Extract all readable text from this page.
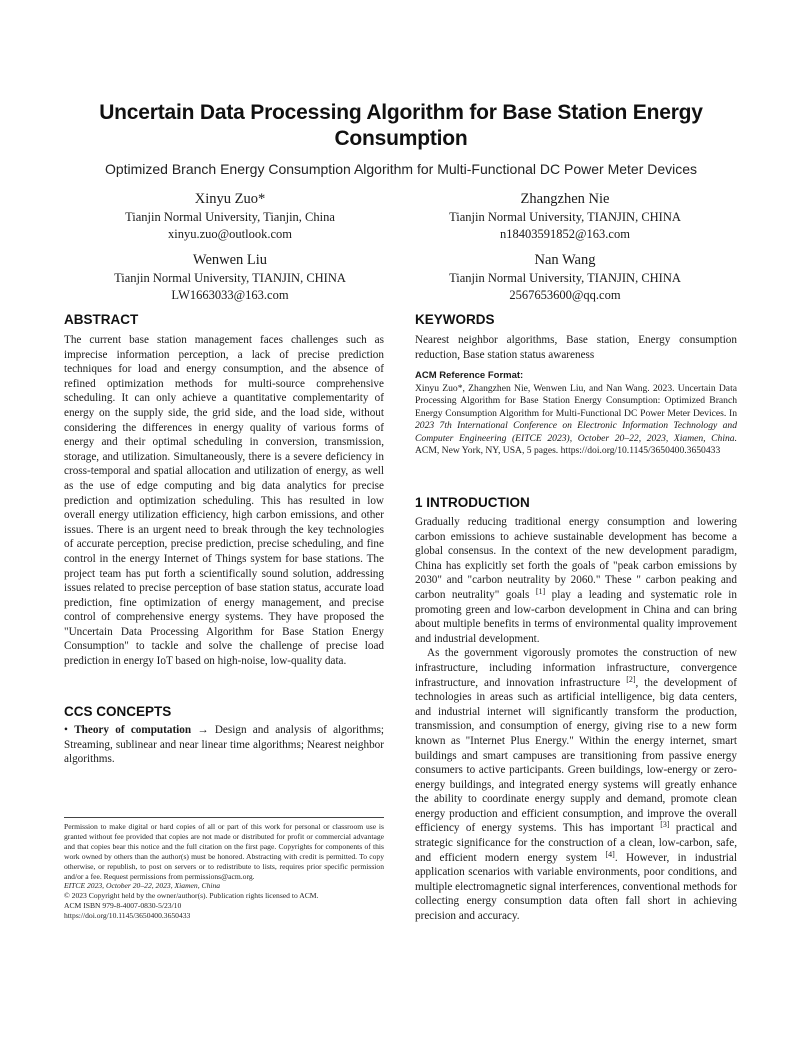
Uncertain Data Processing Algorithm for Base Station Energy Consumption
Optimized Branch Energy Consumption Algorithm for Multi-Functional DC Power Meter Devices
Xinyu Zuo*
Tianjin Normal University, Tianjin, China
xinyu.zuo@outlook.com
Zhangzhen Nie
Tianjin Normal University, TIANJIN, CHINA
n18403591852@163.com
Wenwen Liu
Tianjin Normal University, TIANJIN, CHINA
LW1663033@163.com
Nan Wang
Tianjin Normal University, TIANJIN, CHINA
2567653600@qq.com
ABSTRACT

The current base station management faces challenges such as imprecise information perception, a lack of precise prediction techniques for load and energy consumption, and the absence of refined optimization methods for multi-source comprehensive scheduling. It can only achieve a quantitative complementarity of energy on the supply side, the grid side, and the load side, without considering the differences in energy quality of various forms of energy and their optimal scheduling in conversion, transmission, storage, and utilization. Simultaneously, there is a severe deficiency in cross-temporal and spatial allocation and utilization of energy, as well as the use of edge computing and big data analytics for precise prediction and optimization scheduling. This has resulted in low overall energy utilization efficiency, high carbon emissions, and other issues. There is an urgent need to break through the key technologies of accurate perception, precise prediction, precise scheduling, and fine control in the energy Internet of Things system for base stations. The project team has put forth a scientifically sound solution, addressing issues related to precise perception of base station status, accurate load prediction, fine optimization of energy management, and precise control of comprehensive energy systems. They have proposed the "Uncertain Data Processing Algorithm for Base Station Energy Consumption" to tackle and solve the challenge of precise load prediction in energy IoT based on high-noise, low-quality data.

CCS CONCEPTS

• Theory of computation → Design and analysis of algorithms; Streaming, sublinear and near linear time algorithms; Nearest neighbor algorithms.

KEYWORDS

Nearest neighbor algorithms, Base station, Energy consumption reduction, Base station status awareness

ACM Reference Format:

Xinyu Zuo*, Zhangzhen Nie, Wenwen Liu, and Nan Wang. 2023. Uncertain Data Processing Algorithm for Base Station Energy Consumption: Optimized Branch Energy Consumption Algorithm for Multi-Functional DC Power Meter Devices. In 2023 7th International Conference on Electronic Information Technology and Computer Engineering (EITCE 2023), October 20–22, 2023, Xiamen, China. ACM, New York, NY, USA, 5 pages. https://doi.org/10.1145/3650400.3650433

1 INTRODUCTION

Gradually reducing traditional energy consumption and lowering carbon emissions to achieve sustainable development has become a global consensus. In the context of the new development paradigm, China has explicitly set forth the goals of "peak carbon emissions by 2030" and "carbon neutrality by 2060." These " carbon peaking and carbon neutrality" goals [1] play a leading and systematic role in promoting green and low-carbon development in China and can bring about multiple benefits in terms of environmental quality improvement and industrial development.

As the government vigorously promotes the construction of new infrastructure, including information infrastructure, convergence infrastructure, and innovation infrastructure [2], the development of technologies in areas such as artificial intelligence, big data centers, and industrial internet will significantly transform the production, transmission, and consumption of energy, giving rise to a new form known as "Internet Plus Energy." Within the energy internet, smart buildings and smart campuses are transitioning from passive energy consumers to active participants. Green buildings, low-energy or zero-energy buildings, and integrated energy systems will greatly enhance the ability to coordinate energy supply and demand, promote clean energy production and efficient consumption, and improve the overall efficiency of energy systems. This has important [3] practical and strategic significance for the construction of a clean, low-carbon, safe, and efficient modern energy system [4]. However, in industrial application scenarios with variable environments, poor conditions, and multiple electromagnetic signal interferences, conventional methods for collecting energy consumption data often fall short in achieving precision and accuracy.

Permission to make digital or hard copies of all or part of this work for personal or classroom use is granted without fee provided that copies are not made or distributed for profit or commercial advantage and that copies bear this notice and the full citation on the first page. Copyrights for components of this work owned by others than the author(s) must be honored. Abstracting with credit is permitted. To copy otherwise, or republish, to post on servers or to redistribute to lists, requires prior specific permission and/or a fee. Request permissions from permissions@acm.org.

EITCE 2023, October 20–22, 2023, Xiamen, China

© 2023 Copyright held by the owner/author(s). Publication rights licensed to ACM.

ACM ISBN 979-8-4007-0830-5/23/10

https://doi.org/10.1145/3650400.3650433
